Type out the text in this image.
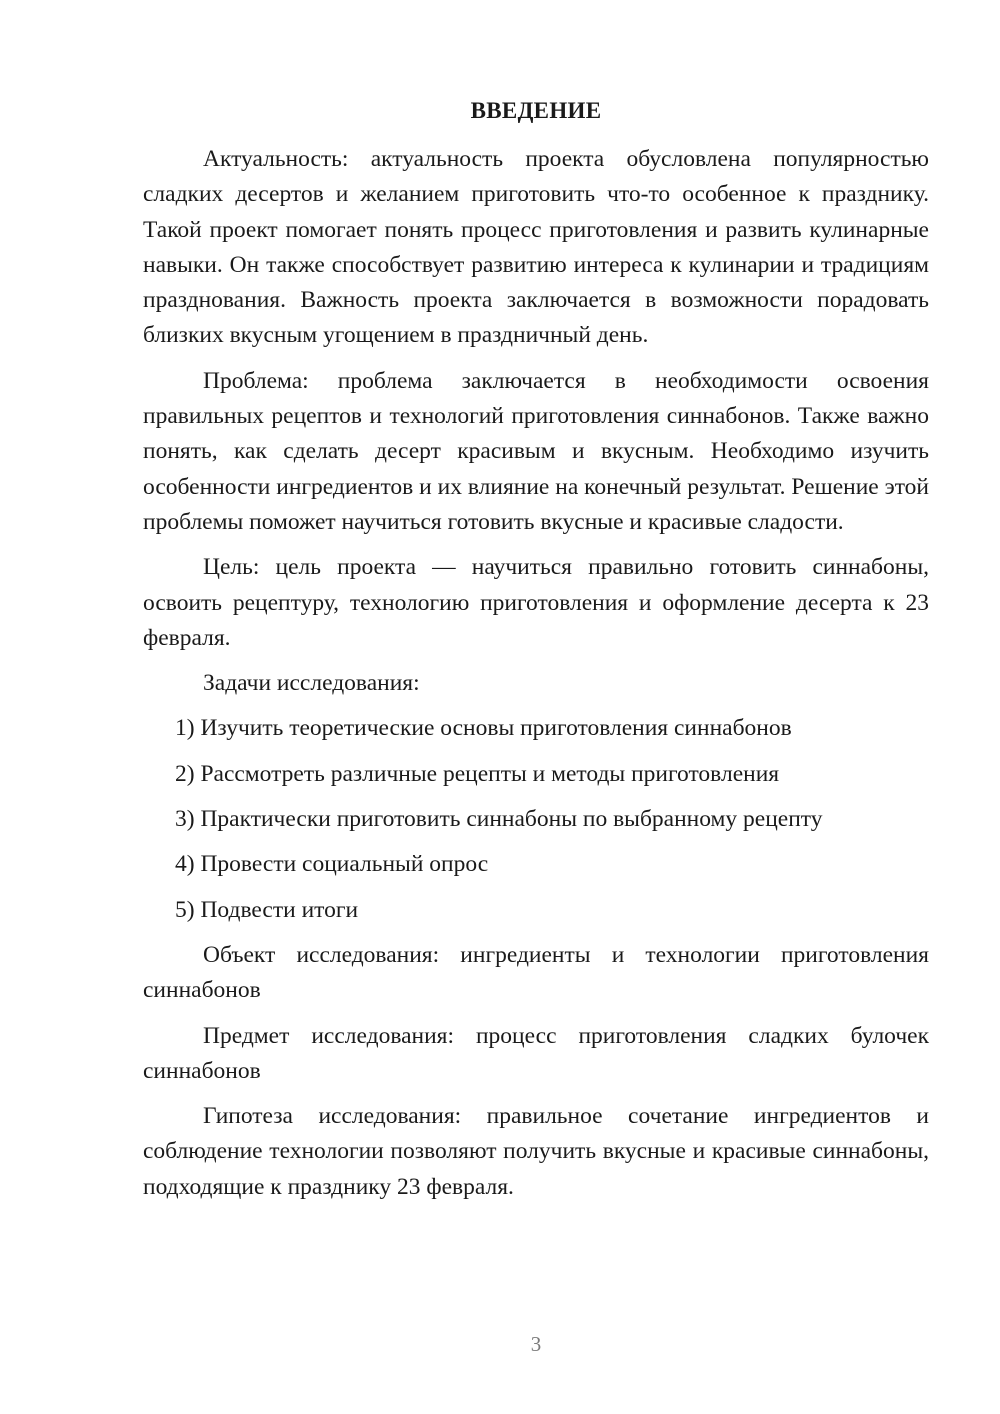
ВВЕДЕНИЕ

Актуальность: актуальность проекта обусловлена популярностью сладких десертов и желанием приготовить что-то особенное к празднику. Такой проект помогает понять процесс приготовления и развить кулинарные навыки. Он также способствует развитию интереса к кулинарии и традициям празднования. Важность проекта заключается в возможности порадовать близких вкусным угощением в праздничный день.

Проблема: проблема заключается в необходимости освоения правильных рецептов и технологий приготовления синнабонов. Также важно понять, как сделать десерт красивым и вкусным. Необходимо изучить особенности ингредиентов и их влияние на конечный результат. Решение этой проблемы поможет научиться готовить вкусные и красивые сладости.

Цель: цель проекта — научиться правильно готовить синнабоны, освоить рецептуру, технологию приготовления и оформление десерта к 23 февраля.

Задачи исследования:

1) Изучить теоретические основы приготовления синнабонов

2) Рассмотреть различные рецепты и методы приготовления

3) Практически приготовить синнабоны по выбранному рецепту

4) Провести социальный опрос

5) Подвести итоги

Объект исследования: ингредиенты и технологии приготовления синнабонов

Предмет исследования: процесс приготовления сладких булочек синнабонов

Гипотеза исследования: правильное сочетание ингредиентов и соблюдение технологии позволяют получить вкусные и красивые синнабоны, подходящие к празднику 23 февраля.

3
